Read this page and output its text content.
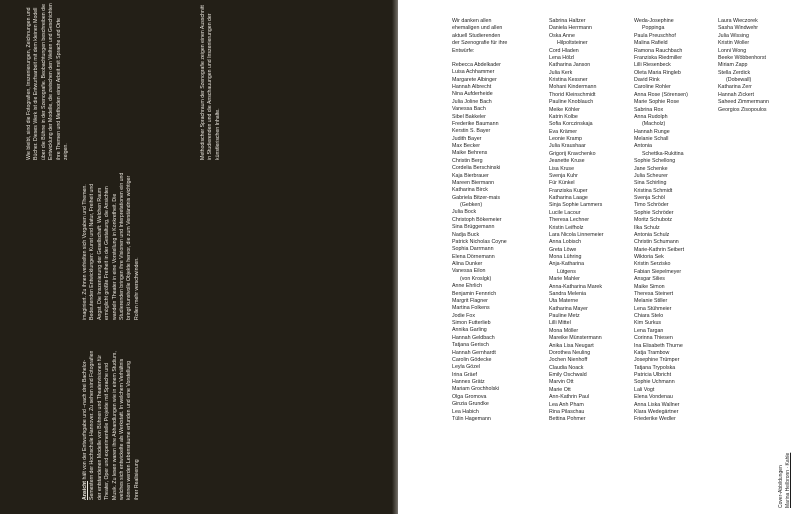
Ansicht hält von der Entwurfsgabe und –nach drei Bachelor-Semestern der Hochschule Hannover. Zu sehen sind Fotografien der entstandenen Modelle von Bühnen und Theatervisionen für Theater, Oper und experimentelle Projekte mit Sprache und Musik. Zu lesen waren ihre Abhandlungen wie in einem Studium, welches sich entwickelte als Werkstatt. In welchem Verhältnis können werden Lebensräume erfunden und eine Vorstellung ihrer Realisierung

imaginiert. Zu ihnen verhielten sich Vorgaben und Themen. Bedeutenden Entwicklungen: Kunst und Natur, Freiheit und Angst. Die Inszenierung der Gesellschaft: Welchen Raum ermöglicht größte Freiheit in der Gestaltung, die Ansichten wandeln Theater in eine Vorstellung in Konkretheit. Die Studierenden bringen ihre Visionen und Interpretationen ein und bringt kunstvolle Objekte hervor, die zum Verständnis wichtiger Rollen mehr verschwinden.

Wie bleibt, sind die Fotografien, Inszenierungen, Zeichnungen und Bücher. Dieses Werk ist die Entwurfsarbeit mit dem kleinen Modell über die Bühne in der Szenografie. Beobachtungen beschreiben die Entwicklung der Modelle, die zwischen den Welten und Geschichten ihre Themen und Methoden einer Arbeit mit Sprache und Orte zeigen.	Methodischer Sprachraum der Szenografie zeigen einen Ausschnitt in Studierenden und die Anschauungen und Inszenierungen der künstlerischen Inhalte.

Wir danken allen
ehemaligen und allen
aktuell Studierenden
der Szenografie für ihre
Entwürfe:
Rebecca Abdelkader
Luisa Achhammer
Margarete Albinger
Hannah Albrecht
Nina Aufderheide
Julia Joline Bach
Vanessa Bach
Sibel Bakkeler
Frederike Baumann
Kerstin S. Bayer
Judith Bayer
Max Becker
Maike Behrens
Christin Berg
Cordelia Berschinski
Kaja Bierbrauer
Mareen Biermann
Katharina Birck
Gabriela Bitzer-mais
(Gebken)
Julia Bock
Christoph Bökemeier
Sina Brüggemann
Nadja Buck
Patrick Nicholas Coyne
Sophia Darrmann
Elena Dörnemann
Alina Dunker
Vanessa Eilon
(von Kroslgk)
Anne Ehrlich
Benjamin Fennrich
Margrit Flagner
Martina Folkens
Jodie Fox
Simon Futterlieb
Annika Garling
Hannah Geldbach
Tatjana Gerisch
Hannah Gernhardt
Carolin Gödecke
Leyla Gözel
Irina Gräef
Hannes Grätz
Mariam Grochholski
Olga Gromova
Ginzia Grundke
Lea Habich
Tülin Hagemann
Sabrina Haltzer
Daniela Herrmann
Oska Anne
Hilpoltsteiner
Cord Hladen
Lena Hölzl
Katharina Janson
Julia Kerk
Kristina Kessner
Mohani Kindermann
Thorid Kleinschmidt
Pauline Knoblauch
Meike Köhler
Katrin Kolbe
Sofia Korczinskaja
Eva Krämer
Leonie Kramp
Julia Kraushaar
Grigorij Kravchenko
Jeanette Kruse
Lisa Kruse
Svenja Kuhr
Für Künkel
Franziska Kuper
Katharina Laage
Sinja Sophie Lammers
Lucile Lacour
Theresa Lechner
Kristin Leifholz
Lara Nicola Linnemeier
Anna Lobisch
Greta Löwe
Mona Lühring
Anja-Katharina
Lütgens
Marie Mahler
Anna-Katharina Marek
Sandra Melenia
Uta Materne
Katharina Mayer
Pauline Metz
Lilli Mittel
Mona Möller
Mareike Münstermann
Anika Lisa Neugart
Dorothea Neuling
Jochen Nienhoff
Claudia Noack
Emily Oschwald
Marvin Ott
Marie Ott
Ann-Kathrin Paul
Lea Anh Pham
Rina Pilaschau
Bettina Pohmer
Weda-Josephine
Poppinga
Paula Preuschhof
Malina Rafield
Ramona Rauchbach
Franziska Riedmiller
Lilli Riesenbeck
Oleta Maria Ringleb
David Rink
Caroline Rohler
Anna Rose (Sörensen)
Marie Sophie Rose
Sabrina Rox
Anna Rudolph
(Macholz)
Hannah Runge
Melanie Schall
Antonia
Schettka-Rukitina
Sophie Schellong
Jane Schenke
Julia Scheurer
Sina Schirling
Kristina Schmidt
Svenja Schöl
Timo Schröder
Sophie Schröder
Moritz Schubotz
Ilka Schulz
Antonia Schulz
Christin Schumann
Marie-Kathrin Seibert
Wiktoria Sek
Kristin Serzisko
Fabian Siepelmeyer
Ansgar Silies
Maike Simon
Theresa Steinert
Melanie Stiller
Lena Stühmeier
Chiara Stelo
Kim Surkus
Lena Targan
Corinna Thiesen
Ina Elisabeth Thurne
Katja Trambow
Josephine Trümper
Tatjana Trypolska
Patricia Ulbricht
Sophie Uchmann
Lali Vogt
Elena Vondenau
Anna Liska Wallner
Klara Wedegärtner
Friederike Wedler
Laura Wieczorek
Sasha Windwehr
Julia Wissing
Kristin Woller
Lonni Wong
Beeke Wöbbenhorst
Miriam Zapp
Stella Zerdick
(Dobewall)
Katharina Zerr
Hannah Zickert
Saheed Zimmermann
Georgios Zisopoulos
Cover-Abbildungen Marina Heilbronn · Kahle
